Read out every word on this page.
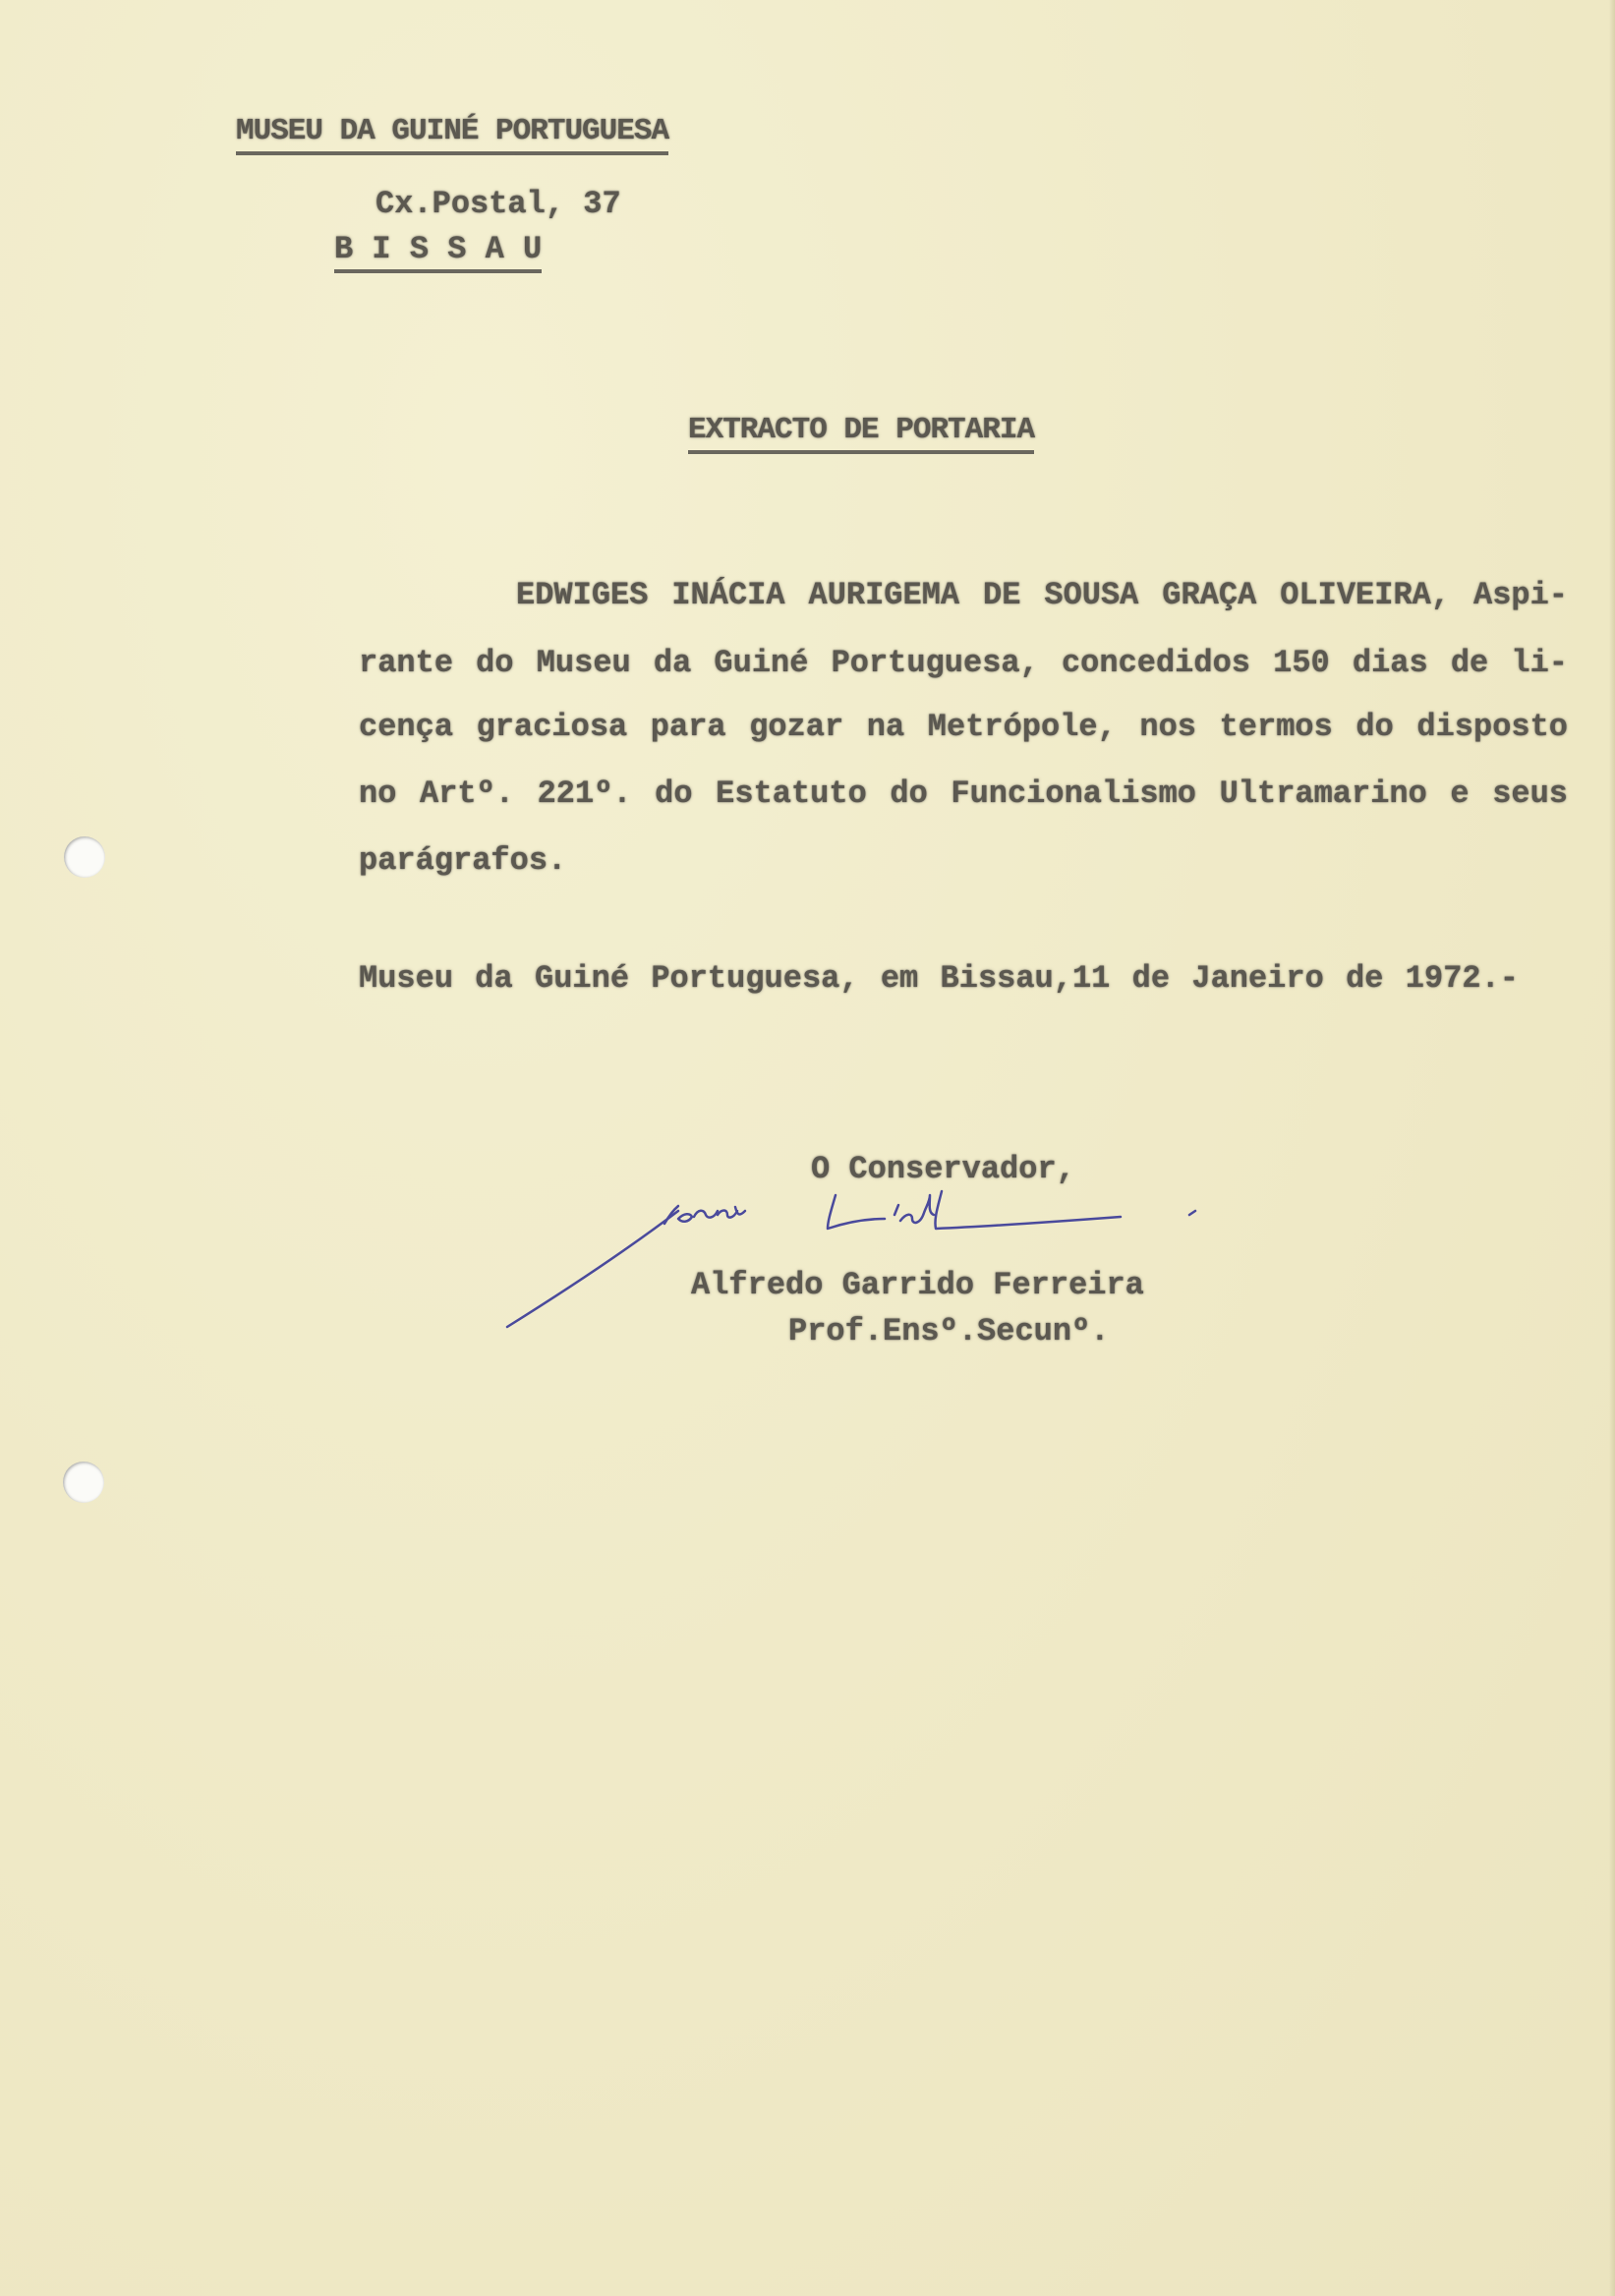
MUSEU DA GUINÉ PORTUGUESA
Cx.Postal, 37
B I S S A U
EXTRACTO DE PORTARIA
EDWIGES INÁCIA AURIGEMA DE SOUSA GRAÇA OLIVEIRA, Aspi-
rante do Museu da Guiné Portuguesa, concedidos 150 dias de li-
cença graciosa para gozar na Metrópole, nos termos do disposto
no Artº. 221º. do Estatuto do Funcionalismo Ultramarino e seus
parágrafos.
Museu da Guiné Portuguesa, em Bissau,11 de Janeiro de 1972.-
O Conservador,
Alfredo Garrido Ferreira
Prof.Ensº.Secunº.
